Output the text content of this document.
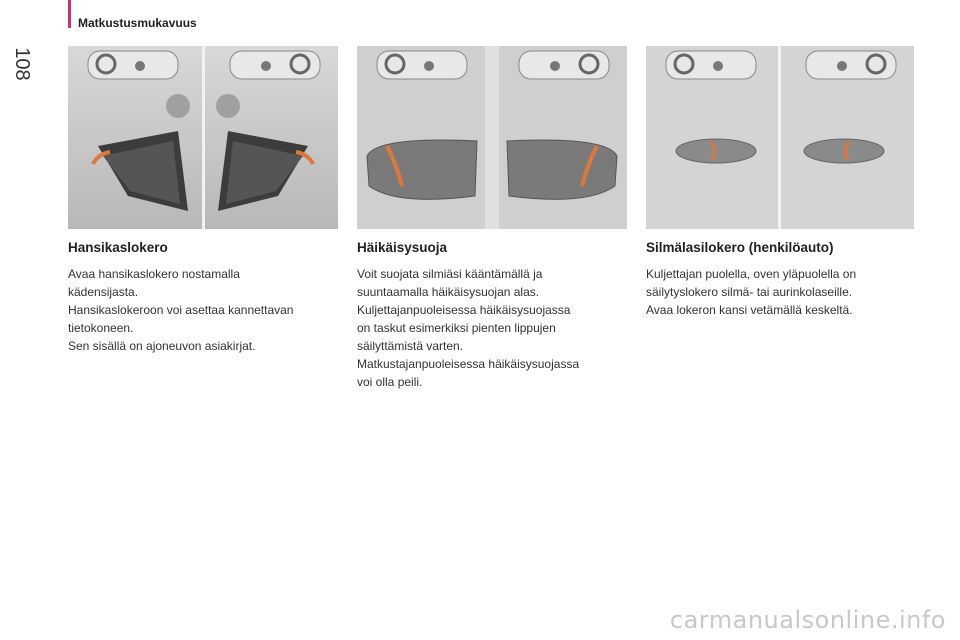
Matkustusmukavuus
108
Hansikaslokero

Avaa hansikaslokero nostamalla
kädensijasta.
Hansikaslokeroon voi asettaa kannettavan
tietokoneen.
Sen sisällä on ajoneuvon asiakirjat.

Häikäisysuoja

Voit suojata silmiäsi kääntämällä ja
suuntaamalla häikäisysuojan alas.
Kuljettajanpuoleisessa häikäisysuojassa
on taskut esimerkiksi pienten lippujen
säilyttämistä varten.
Matkustajanpuoleisessa häikäisysuojassa
voi olla peili.

Silmälasilokero (henkilöauto)

Kuljettajan puolella, oven yläpuolella on
säilytyslokero silmä- tai aurinkolaseille.
Avaa lokeron kansi vetämällä keskeltä.

carmanualsonline.info
